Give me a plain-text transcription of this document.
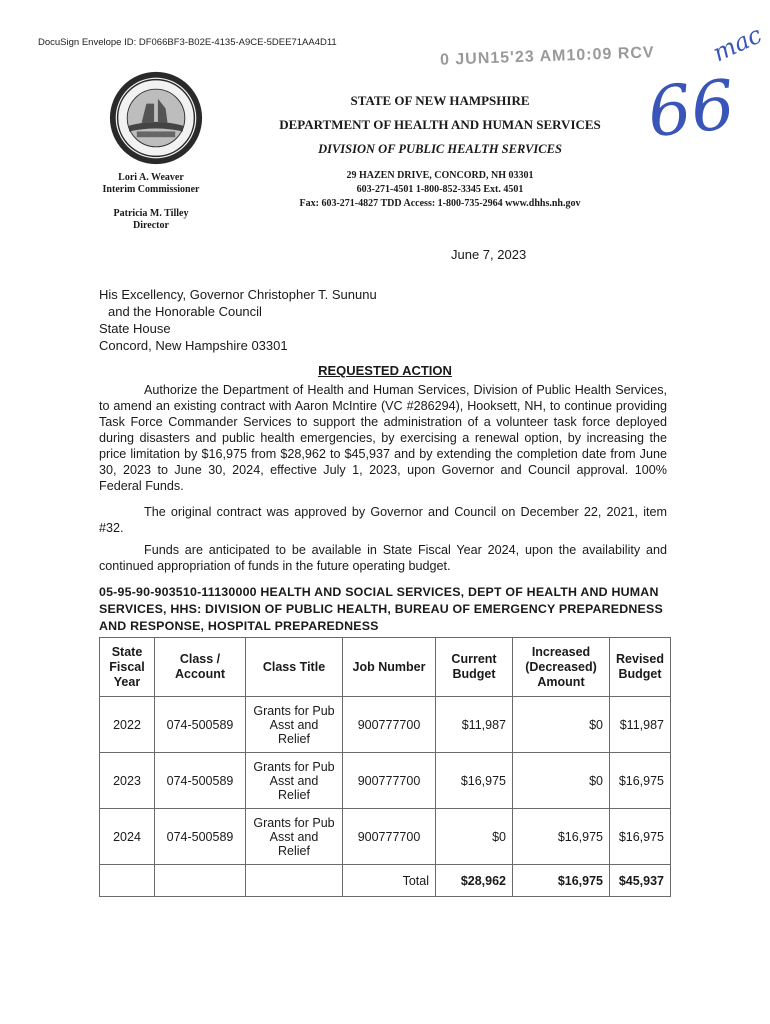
DocuSign Envelope ID: DF066BF3-B02E-4135-A9CE-5DEE71AA4D11
0 JUN15'23 AM10:09 RCV mac
66
STATE OF NEW HAMPSHIRE
DEPARTMENT OF HEALTH AND HUMAN SERVICES
DIVISION OF PUBLIC HEALTH SERVICES
29 HAZEN DRIVE, CONCORD, NH 03301
603-271-4501 1-800-852-3345 Ext. 4501
Fax: 603-271-4827 TDD Access: 1-800-735-2964 www.dhhs.nh.gov
Lori A. Weaver
Interim Commissioner
Patricia M. Tilley
Director
June 7, 2023
His Excellency, Governor Christopher T. Sununu
and the Honorable Council
State House
Concord, New Hampshire 03301
REQUESTED ACTION
Authorize the Department of Health and Human Services, Division of Public Health Services, to amend an existing contract with Aaron McIntire (VC #286294), Hooksett, NH, to continue providing Task Force Commander Services to support the administration of a volunteer task force deployed during disasters and public health emergencies, by exercising a renewal option, by increasing the price limitation by $16,975 from $28,962 to $45,937 and by extending the completion date from June 30, 2023 to June 30, 2024, effective July 1, 2023, upon Governor and Council approval. 100% Federal Funds.
The original contract was approved by Governor and Council on December 22, 2021, item #32.
Funds are anticipated to be available in State Fiscal Year 2024, upon the availability and continued appropriation of funds in the future operating budget.
05-95-90-903510-11130000 HEALTH AND SOCIAL SERVICES, DEPT OF HEALTH AND HUMAN SERVICES, HHS: DIVISION OF PUBLIC HEALTH, BUREAU OF EMERGENCY PREPAREDNESS AND RESPONSE, HOSPITAL PREPAREDNESS
State Fiscal Year	Class / Account	Class Title	Job Number	Current Budget	Increased (Decreased) Amount	Revised Budget
2022	074-500589	Grants for Pub Asst and Relief	900777700	$11,987	$0	$11,987
2023	074-500589	Grants for Pub Asst and Relief	900777700	$16,975	$0	$16,975
2024	074-500589	Grants for Pub Asst and Relief	900777700	$0	$16,975	$16,975
			Total	$28,962	$16,975	$45,937
